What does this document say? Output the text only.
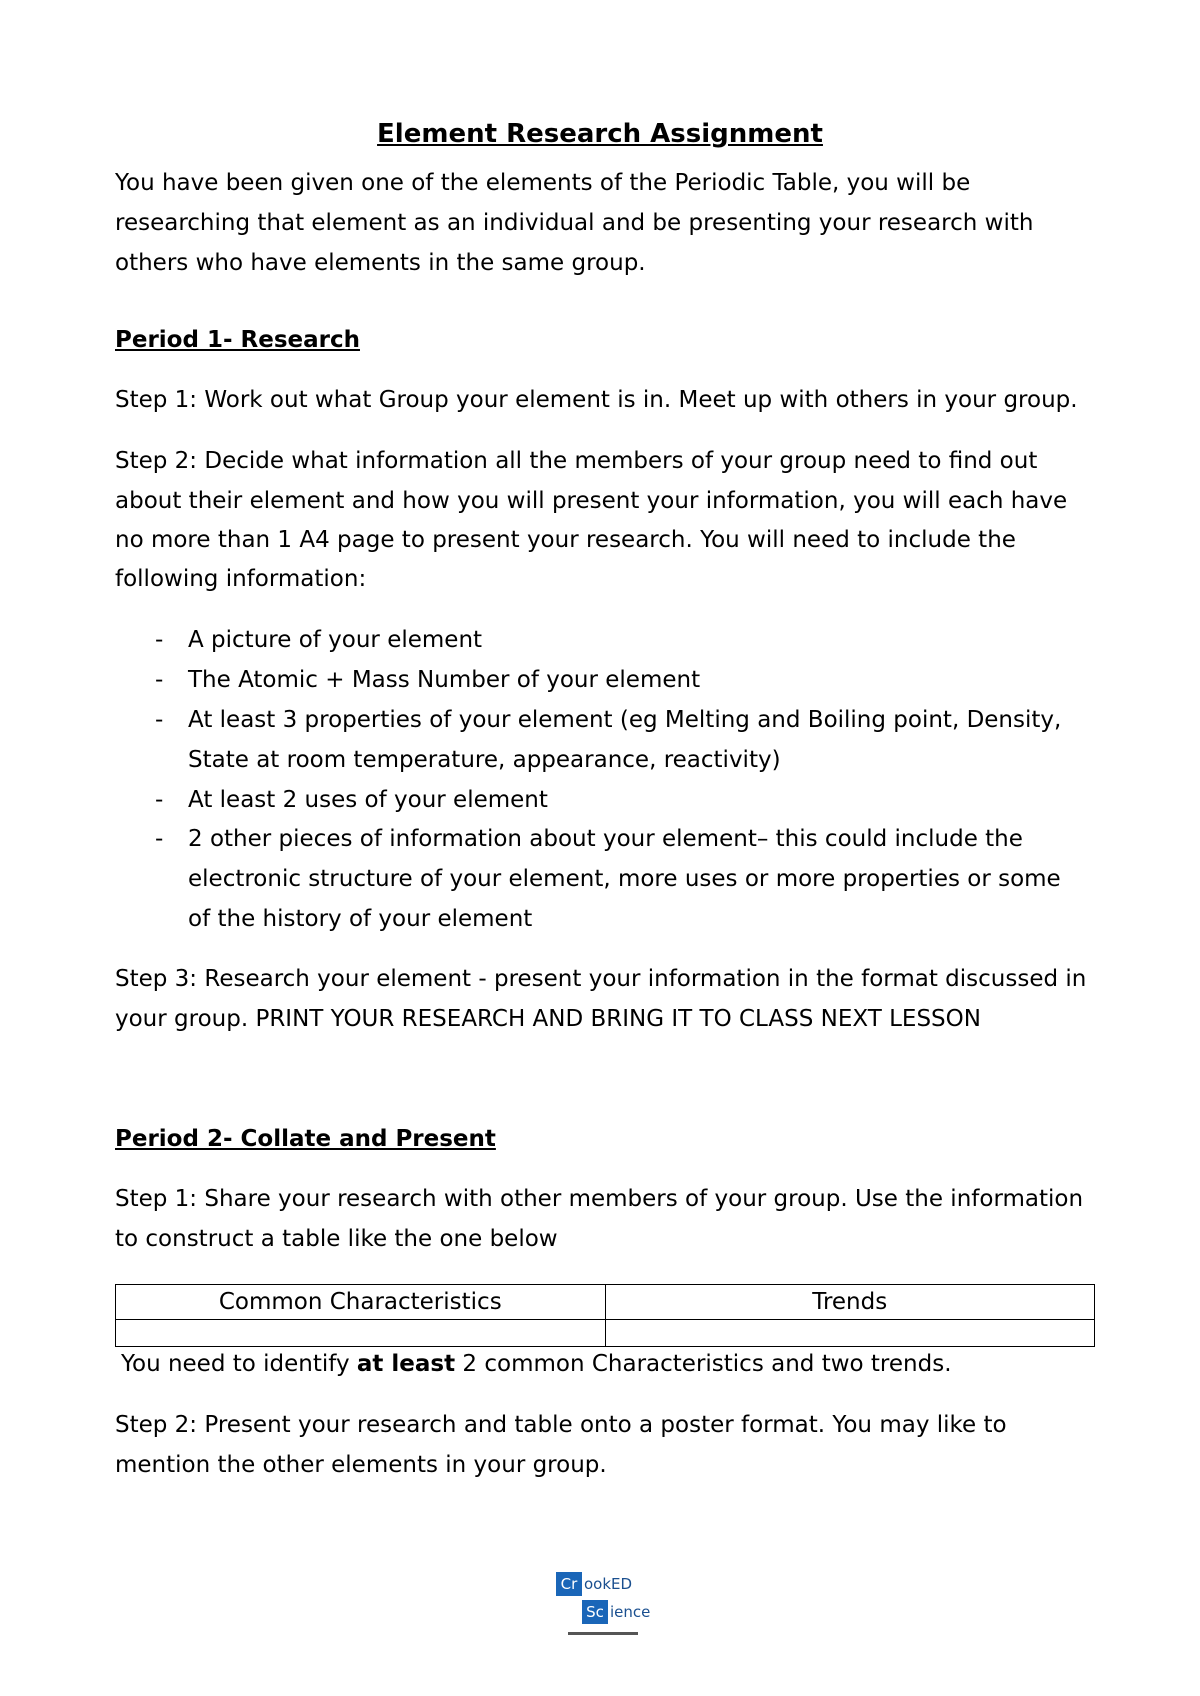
Element Research Assignment

You have been given one of the elements of the Periodic Table, you will be

researching that element as an individual and be presenting your research with

others who have elements in the same group.

Period 1- Research

Step 1: Work out what Group your element is in. Meet up with others in your group.

Step 2: Decide what information all the members of your group need to find out

about their element and how you will present your information, you will each have

no more than 1 A4 page to present your research. You will need to include the

following information:

- A picture of your element
- The Atomic + Mass Number of your element
- At least 3 properties of your element (eg Melting and Boiling point, Density,
State at room temperature, appearance, reactivity)
- At least 2 uses of your element
- 2 other pieces of information about your element– this could include the
electronic structure of your element, more uses or more properties or some
of the history of your element

Step 3: Research your element - present your information in the format discussed in

your group. PRINT YOUR RESEARCH AND BRING IT TO CLASS NEXT LESSON

Period 2- Collate and Present

Step 1: Share your research with other members of your group. Use the information

to construct a table like the one below

Common Characteristics	Trends

You need to identify at least 2 common Characteristics and two trends.

Step 2: Present your research and table onto a poster format. You may like to

mention the other elements in your group.

Cr ookED
Sc ience
